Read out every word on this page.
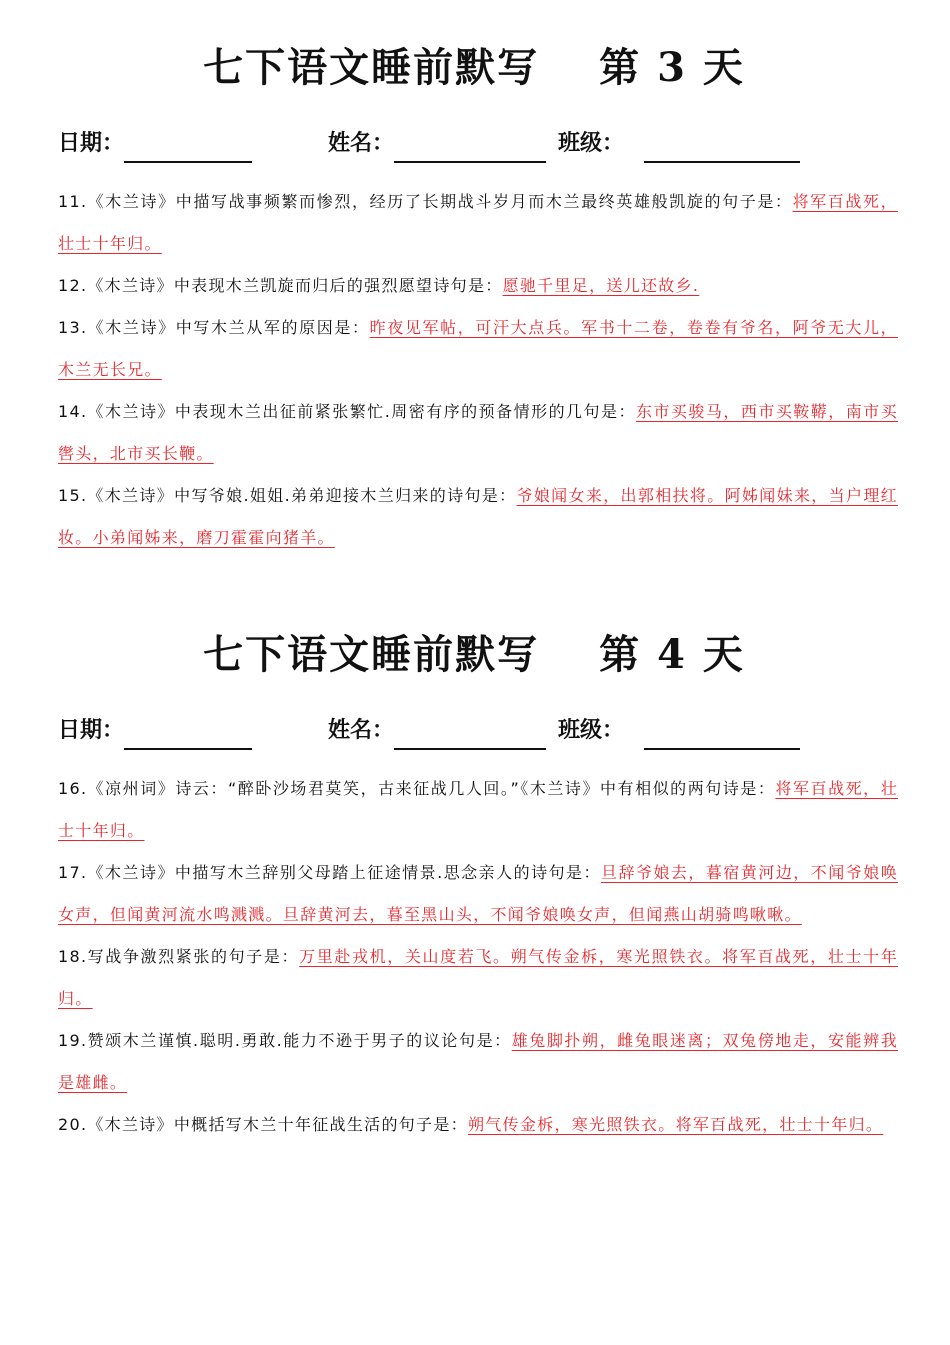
七下语文睡前默写 第 3 天
日期：	姓名：	班级：
11.《木兰诗》中描写战事频繁而惨烈，经历了长期战斗岁月而木兰最终英雄般凯旋的句子是：将军百战死，壮士十年归。
12.《木兰诗》中表现木兰凯旋而归后的强烈愿望诗句是：愿驰千里足，送儿还故乡.
13.《木兰诗》中写木兰从军的原因是：昨夜见军帖，可汗大点兵。军书十二卷，卷卷有爷名，阿爷无大儿，木兰无长兄。
14.《木兰诗》中表现木兰出征前紧张繁忙.周密有序的预备情形的几句是：东市买骏马，西市买鞍鞯，南市买辔头，北市买长鞭。
15.《木兰诗》中写爷娘.姐姐.弟弟迎接木兰归来的诗句是：爷娘闻女来，出郭相扶将。阿姊闻妹来，当户理红妆。小弟闻姊来，磨刀霍霍向猪羊。
七下语文睡前默写 第 4 天
日期：	姓名：	班级：
16.《凉州词》诗云：“醉卧沙场君莫笑，古来征战几人回。”《木兰诗》中有相似的两句诗是：将军百战死，壮士十年归。
17.《木兰诗》中描写木兰辞别父母踏上征途情景.思念亲人的诗句是：旦辞爷娘去，暮宿黄河边，不闻爷娘唤女声，但闻黄河流水鸣溅溅。旦辞黄河去，暮至黑山头，不闻爷娘唤女声，但闻燕山胡骑鸣啾啾。
18.写战争激烈紧张的句子是：万里赴戎机，关山度若飞。朔气传金柝，寒光照铁衣。将军百战死，壮士十年归。
19.赞颂木兰谨慎.聪明.勇敢.能力不逊于男子的议论句是：雄兔脚扑朔，雌兔眼迷离；双兔傍地走，安能辨我是雄雌。
20.《木兰诗》中概括写木兰十年征战生活的句子是：朔气传金柝，寒光照铁衣。将军百战死，壮士十年归。
